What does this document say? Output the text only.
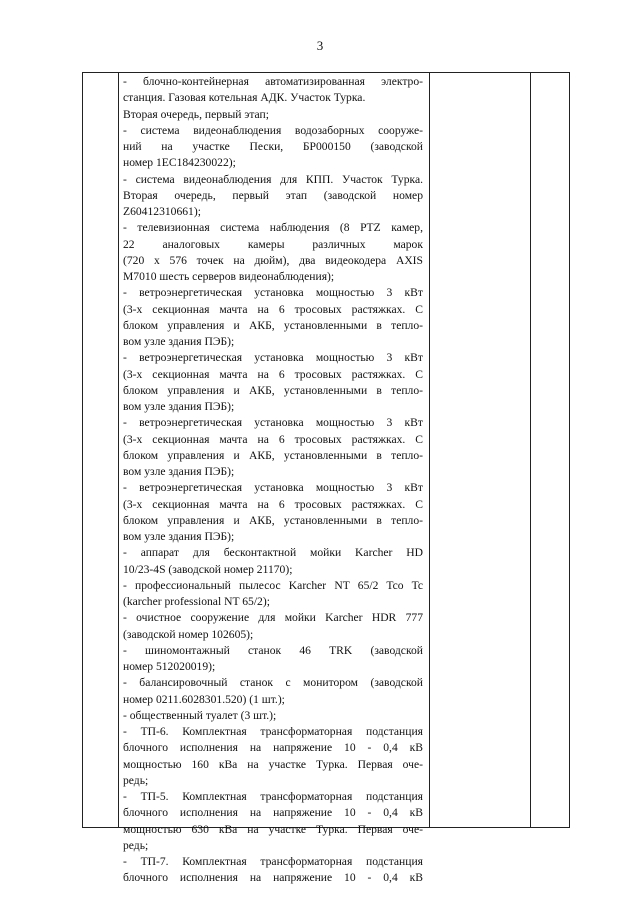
3
- блочно-контейнерная автоматизированная электро-
станция. Газовая котельная АДК. Участок Турка.
Вторая очередь, первый этап;
- система видеонаблюдения водозаборных сооруже-
ний на участке Пески, БР000150 (заводской
номер 1ЕС184230022);
- система видеонаблюдения для КПП. Участок Турка.
Вторая очередь, первый этап (заводской номер
Z60412310661);
- телевизионная система наблюдения (8 PTZ камер,
22 аналоговых камеры различных марок
(720 х 576 точек на дюйм), два видеокодера AXIS
M7010 шесть серверов видеонаблюдения);
- ветроэнергетическая установка мощностью 3 кВт
(3-х секционная мачта на 6 тросовых растяжках. С
блоком управления и АКБ, установленными в тепло-
вом узле здания ПЭБ);
- ветроэнергетическая установка мощностью 3 кВт
(3-х секционная мачта на 6 тросовых растяжках. С
блоком управления и АКБ, установленными в тепло-
вом узле здания ПЭБ);
- ветроэнергетическая установка мощностью 3 кВт
(3-х секционная мачта на 6 тросовых растяжках. С
блоком управления и АКБ, установленными в тепло-
вом узле здания ПЭБ);
- ветроэнергетическая установка мощностью 3 кВт
(3-х секционная мачта на 6 тросовых растяжках. С
блоком управления и АКБ, установленными в тепло-
вом узле здания ПЭБ);
- аппарат для бесконтактной мойки Karcher HD
10/23-4S (заводской номер 21170);
- профессиональный пылесос Karcher NT 65/2 Tco Tc
(karcher professional NT 65/2);
- очистное сооружение для мойки Karcher HDR 777
(заводской номер 102605);
- шиномонтажный станок 46 TRK (заводской
номер 512020019);
- балансировочный станок с монитором (заводской
номер 0211.6028301.520) (1 шт.);
- общественный туалет (3 шт.);
- ТП-6. Комплектная трансформаторная подстанция
блочного исполнения на напряжение 10 - 0,4 кВ
мощностью 160 кВа на участке Турка. Первая оче-
редь;
- ТП-5. Комплектная трансформаторная подстанция
блочного исполнения на напряжение 10 - 0,4 кВ
мощностью 630 кВа на участке Турка. Первая оче-
редь;
- ТП-7. Комплектная трансформаторная подстанция
блочного исполнения на напряжение 10 - 0,4 кВ
